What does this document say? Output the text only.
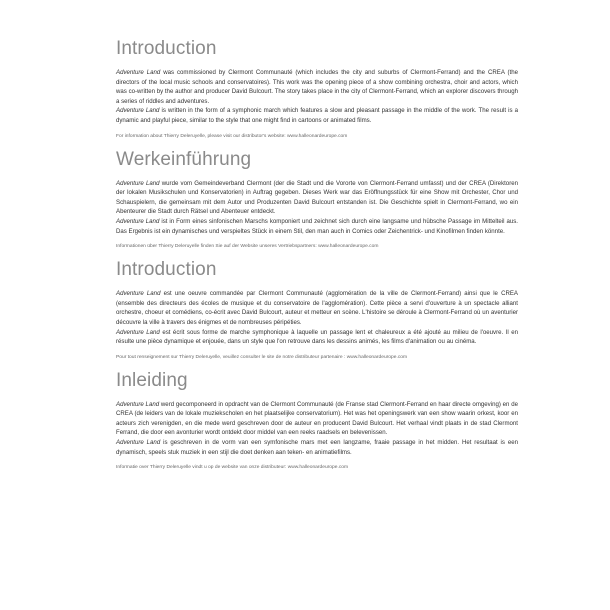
Introduction

Adventure Land was commissioned by Clermont Communauté (which includes the city and suburbs of Clermont-Ferrand) and the CREA (the directors of the local music schools and conservatoires). This work was the opening piece of a show combining orchestra, choir and actors, which was co-written by the author and producer David Bulcourt. The story takes place in the city of Clermont-Ferrand, which an explorer discovers through a series of riddles and adventures.

Adventure Land is written in the form of a symphonic march which features a slow and pleasant passage in the middle of the work. The result is a dynamic and playful piece, similar to the style that one might find in cartoons or animated films.

For information about Thierry Deleruyelle, please visit our distributor's website: www.halleonardeurope.com

Werkeinführung

Adventure Land wurde vom Gemeindeverband Clermont (der die Stadt und die Vororte von Clermont-Ferrand umfasst) und der CREA (Direktoren der lokalen Musikschulen und Konservatorien) in Auftrag gegeben. Dieses Werk war das Eröffnungsstück für eine Show mit Orchester, Chor und Schauspielern, die gemeinsam mit dem Autor und Produzenten David Bulcourt entstanden ist. Die Geschichte spielt in Clermont-Ferrand, wo ein Abenteurer die Stadt durch Rätsel und Abenteuer entdeckt.

Adventure Land ist in Form eines sinfonischen Marschs komponiert und zeichnet sich durch eine langsame und hübsche Passage im Mittelteil aus. Das Ergebnis ist ein dynamisches und verspieltes Stück in einem Stil, den man auch in Comics oder Zeichentrick- und Kinofilmen finden könnte.

Informationen über Thierry Deleruyelle finden Sie auf der Website unseres Vertriebspartners: www.halleonardeurope.com

Introduction

Adventure Land est une oeuvre commandée par Clermont Communauté (agglomération de la ville de Clermont-Ferrand) ainsi que le CREA (ensemble des directeurs des écoles de musique et du conservatoire de l'agglomération). Cette pièce a servi d'ouverture à un spectacle alliant orchestre, choeur et comédiens, co-écrit avec David Bulcourt, auteur et metteur en scène. L'histoire se déroule à Clermont-Ferrand où un aventurier découvre la ville à travers des énigmes et de nombreuses péripéties.

Adventure Land est écrit sous forme de marche symphonique à laquelle un passage lent et chaleureux a été ajouté au milieu de l'oeuvre. Il en résulte une pièce dynamique et enjouée, dans un style que l'on retrouve dans les dessins animés, les films d'animation ou au cinéma.

Pour tout renseignement sur Thierry Deleruyelle, veuillez consulter le site de notre distributeur partenaire : www.halleonardeurope.com

Inleiding

Adventure Land werd gecomponeerd in opdracht van de Clermont Communauté (de Franse stad Clermont-Ferrand en haar directe omgeving) en de CREA (de leiders van de lokale muziekscholen en het plaatselijke conservatorium). Het was het openingswerk van een show waarin orkest, koor en acteurs zich verenigden, en die mede werd geschreven door de auteur en producent David Bulcourt. Het verhaal vindt plaats in de stad Clermont Ferrand, die door een avonturier wordt ontdekt door middel van een reeks raadsels en belevenissen.

Adventure Land is geschreven in de vorm van een symfonische mars met een langzame, fraaie passage in het midden. Het resultaat is een dynamisch, speels stuk muziek in een stijl die doet denken aan teken- en animatiefilms.

Informatie over Thierry Deleruyelle vindt u op de website van onze distributeur: www.halleonardeurope.com
